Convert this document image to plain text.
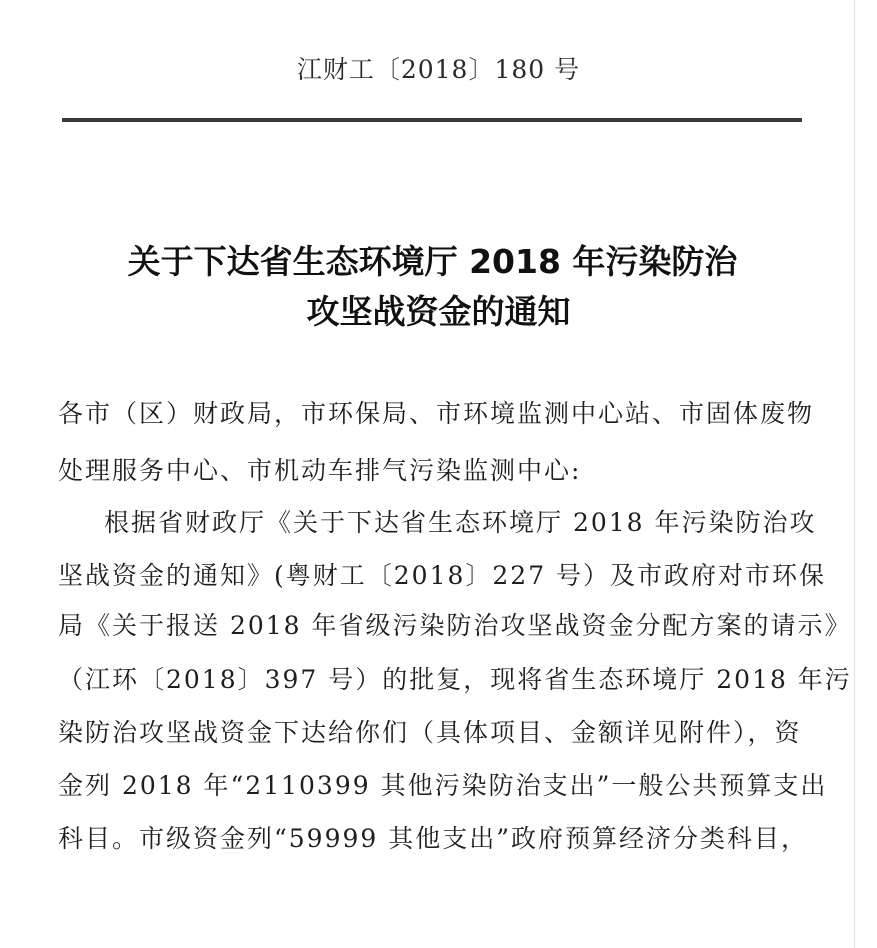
江财工〔2018〕180 号
关于下达省生态环境厅 2018 年污染防治
攻坚战资金的通知
各市（区）财政局，市环保局、市环境监测中心站、市固体废物
处理服务中心、市机动车排气污染监测中心:
根据省财政厅《关于下达省生态环境厅 2018 年污染防治攻
坚战资金的通知》(粤财工〔2018〕227 号）及市政府对市环保
局《关于报送 2018 年省级污染防治攻坚战资金分配方案的请示》
（江环〔2018〕397 号）的批复，现将省生态环境厅 2018 年污
染防治攻坚战资金下达给你们（具体项目、金额详见附件），资
金列 2018 年“2110399 其他污染防治支出”一般公共预算支出
科目。市级资金列“59999 其他支出”政府预算经济分类科目，
